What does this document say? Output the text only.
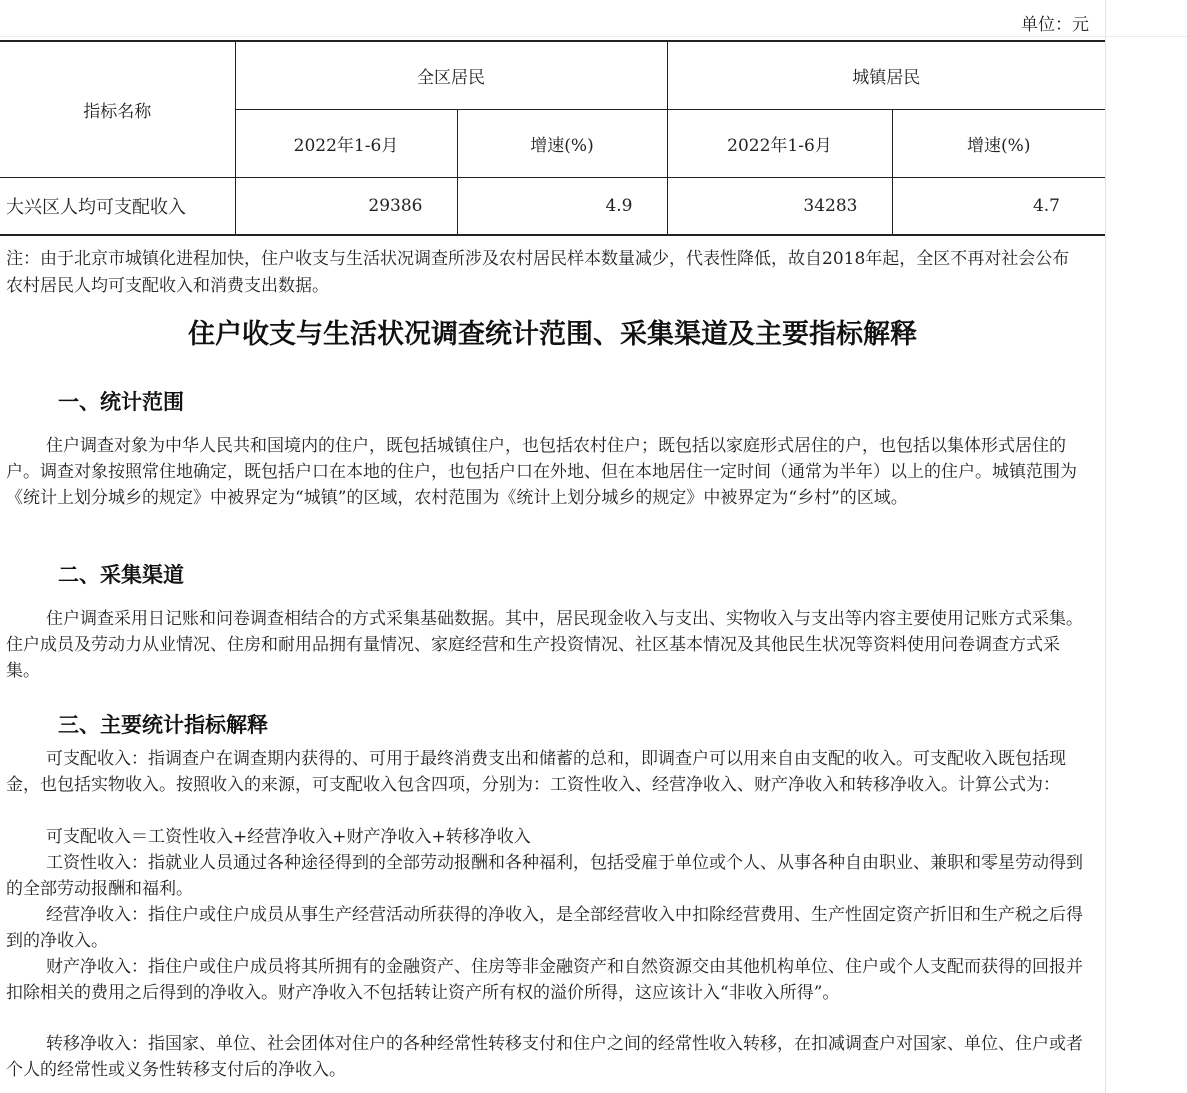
单位：元
指标名称	全区居民		城镇居民	
	2022年1-6月	增速(%)	2022年1-6月	增速(%)
大兴区人均可支配收入	29386	4.9	34283	4.7
注：由于北京市城镇化进程加快，住户收支与生活状况调查所涉及农村居民样本数量减少，代表性降低，故自2018年起，全区不再对社会公布农村居民人均可支配收入和消费支出数据。
住户收支与生活状况调查统计范围、采集渠道及主要指标解释
一、统计范围
住户调查对象为中华人民共和国境内的住户，既包括城镇住户，也包括农村住户；既包括以家庭形式居住的户，也包括以集体形式居住的户。调查对象按照常住地确定，既包括户口在本地的住户，也包括户口在外地、但在本地居住一定时间（通常为半年）以上的住户。城镇范围为《统计上划分城乡的规定》中被界定为“城镇”的区域，农村范围为《统计上划分城乡的规定》中被界定为“乡村”的区域。
二、采集渠道
住户调查采用日记账和问卷调查相结合的方式采集基础数据。其中，居民现金收入与支出、实物收入与支出等内容主要使用记账方式采集。住户成员及劳动力从业情况、住房和耐用品拥有量情况、家庭经营和生产投资情况、社区基本情况及其他民生状况等资料使用问卷调查方式采集。
三、主要统计指标解释
可支配收入：指调查户在调查期内获得的、可用于最终消费支出和储蓄的总和，即调查户可以用来自由支配的收入。可支配收入既包括现金，也包括实物收入。按照收入的来源，可支配收入包含四项，分别为：工资性收入、经营净收入、财产净收入和转移净收入。计算公式为：
可支配收入＝工资性收入+经营净收入+财产净收入+转移净收入
工资性收入：指就业人员通过各种途径得到的全部劳动报酬和各种福利，包括受雇于单位或个人、从事各种自由职业、兼职和零星劳动得到的全部劳动报酬和福利。
经营净收入：指住户或住户成员从事生产经营活动所获得的净收入，是全部经营收入中扣除经营费用、生产性固定资产折旧和生产税之后得到的净收入。
财产净收入：指住户或住户成员将其所拥有的金融资产、住房等非金融资产和自然资源交由其他机构单位、住户或个人支配而获得的回报并扣除相关的费用之后得到的净收入。财产净收入不包括转让资产所有权的溢价所得，这应该计入“非收入所得”。
转移净收入：指国家、单位、社会团体对住户的各种经常性转移支付和住户之间的经常性收入转移，在扣减调查户对国家、单位、住户或者个人的经常性或义务性转移支付后的净收入。
